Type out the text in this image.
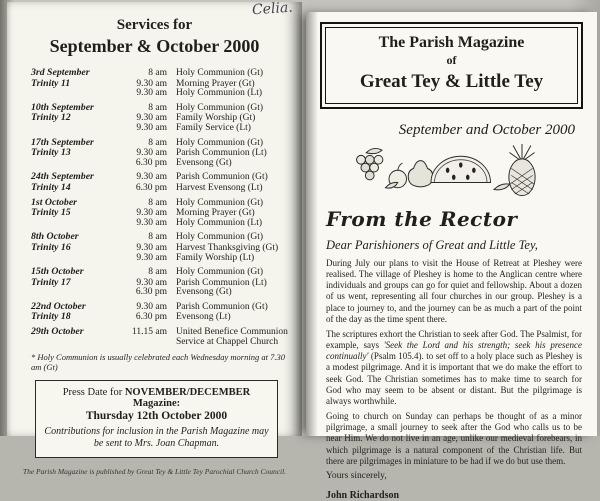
Celia.
Services for
September & October 2000
3rd September	8 am Holy Communion (Gt)
Trinity 11	9.30 am Morning Prayer (Gt)
9.30 am Holy Communion (Lt)
10th September	8 am Holy Communion (Gt)
Trinity 12	9.30 am Family Worship (Gt)
9.30 am Family Service (Lt)
17th September	8 am Holy Communion (Gt)
Trinity 13	9.30 am Parish Communion (Lt)
6.30 pm Evensong (Gt)
24th September	9.30 am Parish Communion (Gt)
Trinity 14	6.30 pm Harvest Evensong (Lt)
1st October	8 am Holy Communion (Gt)
Trinity 15	9.30 am Morning Prayer (Gt)
9.30 am Holy Communion (Lt)
8th October	8 am Holy Communion (Gt)
Trinity 16	9.30 am Harvest Thanksgiving (Gt)
9.30 am Family Worship (Lt)
15th October	8 am Holy Communion (Gt)
Trinity 17	9.30 am Parish Communion (Lt)
6.30 pm Evensong (Gt)
22nd October	9.30 am Parish Communion (Gt)
Trinity 18	6.30 pm Evensong (Lt)
29th October	11.15 am United Benefice Communion Service at Chappel Church
* Holy Communion is usually celebrated each Wednesday morning at 7.30 am (Gt)
Press Date for NOVEMBER/DECEMBER Magazine:
Thursday 12th October 2000
Contributions for inclusion in the Parish Magazine may be sent to Mrs. Joan Chapman.
The Parish Magazine is published by Great Tey & Little Tey Parochial Church Council.
The Parish Magazine
of
Great Tey & Little Tey
September and October 2000
From the Rector
Dear Parishioners of Great and Little Tey,

During July our plans to visit the House of Retreat at Pleshey were realised. The village of Pleshey is home to the Anglican centre where individuals and groups can go for quiet and fellowship. About a dozen of us went, representing all four churches in our group. Pleshey is a place to journey to, and the journey can be as much a part of the point of the day as the time spent there.

The scriptures exhort the Christian to seek after God. The Psalmist, for example, says 'Seek the Lord and his strength; seek his presence continually' (Psalm 105.4). to set off to a holy place such as Pleshey is a modest pilgrimage. And it is important that we do make the effort to seek God. The Christian sometimes has to make time to search for God who may seem to be absent or distant. But the pilgrimage is always worthwhile.

Going to church on Sunday can perhaps be thought of as a minor pilgrimage, a small journey to seek after the God who calls us to be near Him. We do not live in an age, unlike our medieval forebears, in which pilgrimage is a natural component of the Christian life. But there are pilgrimages in miniature to be had if we do but use them.

Yours sincerely,
John Richardson
